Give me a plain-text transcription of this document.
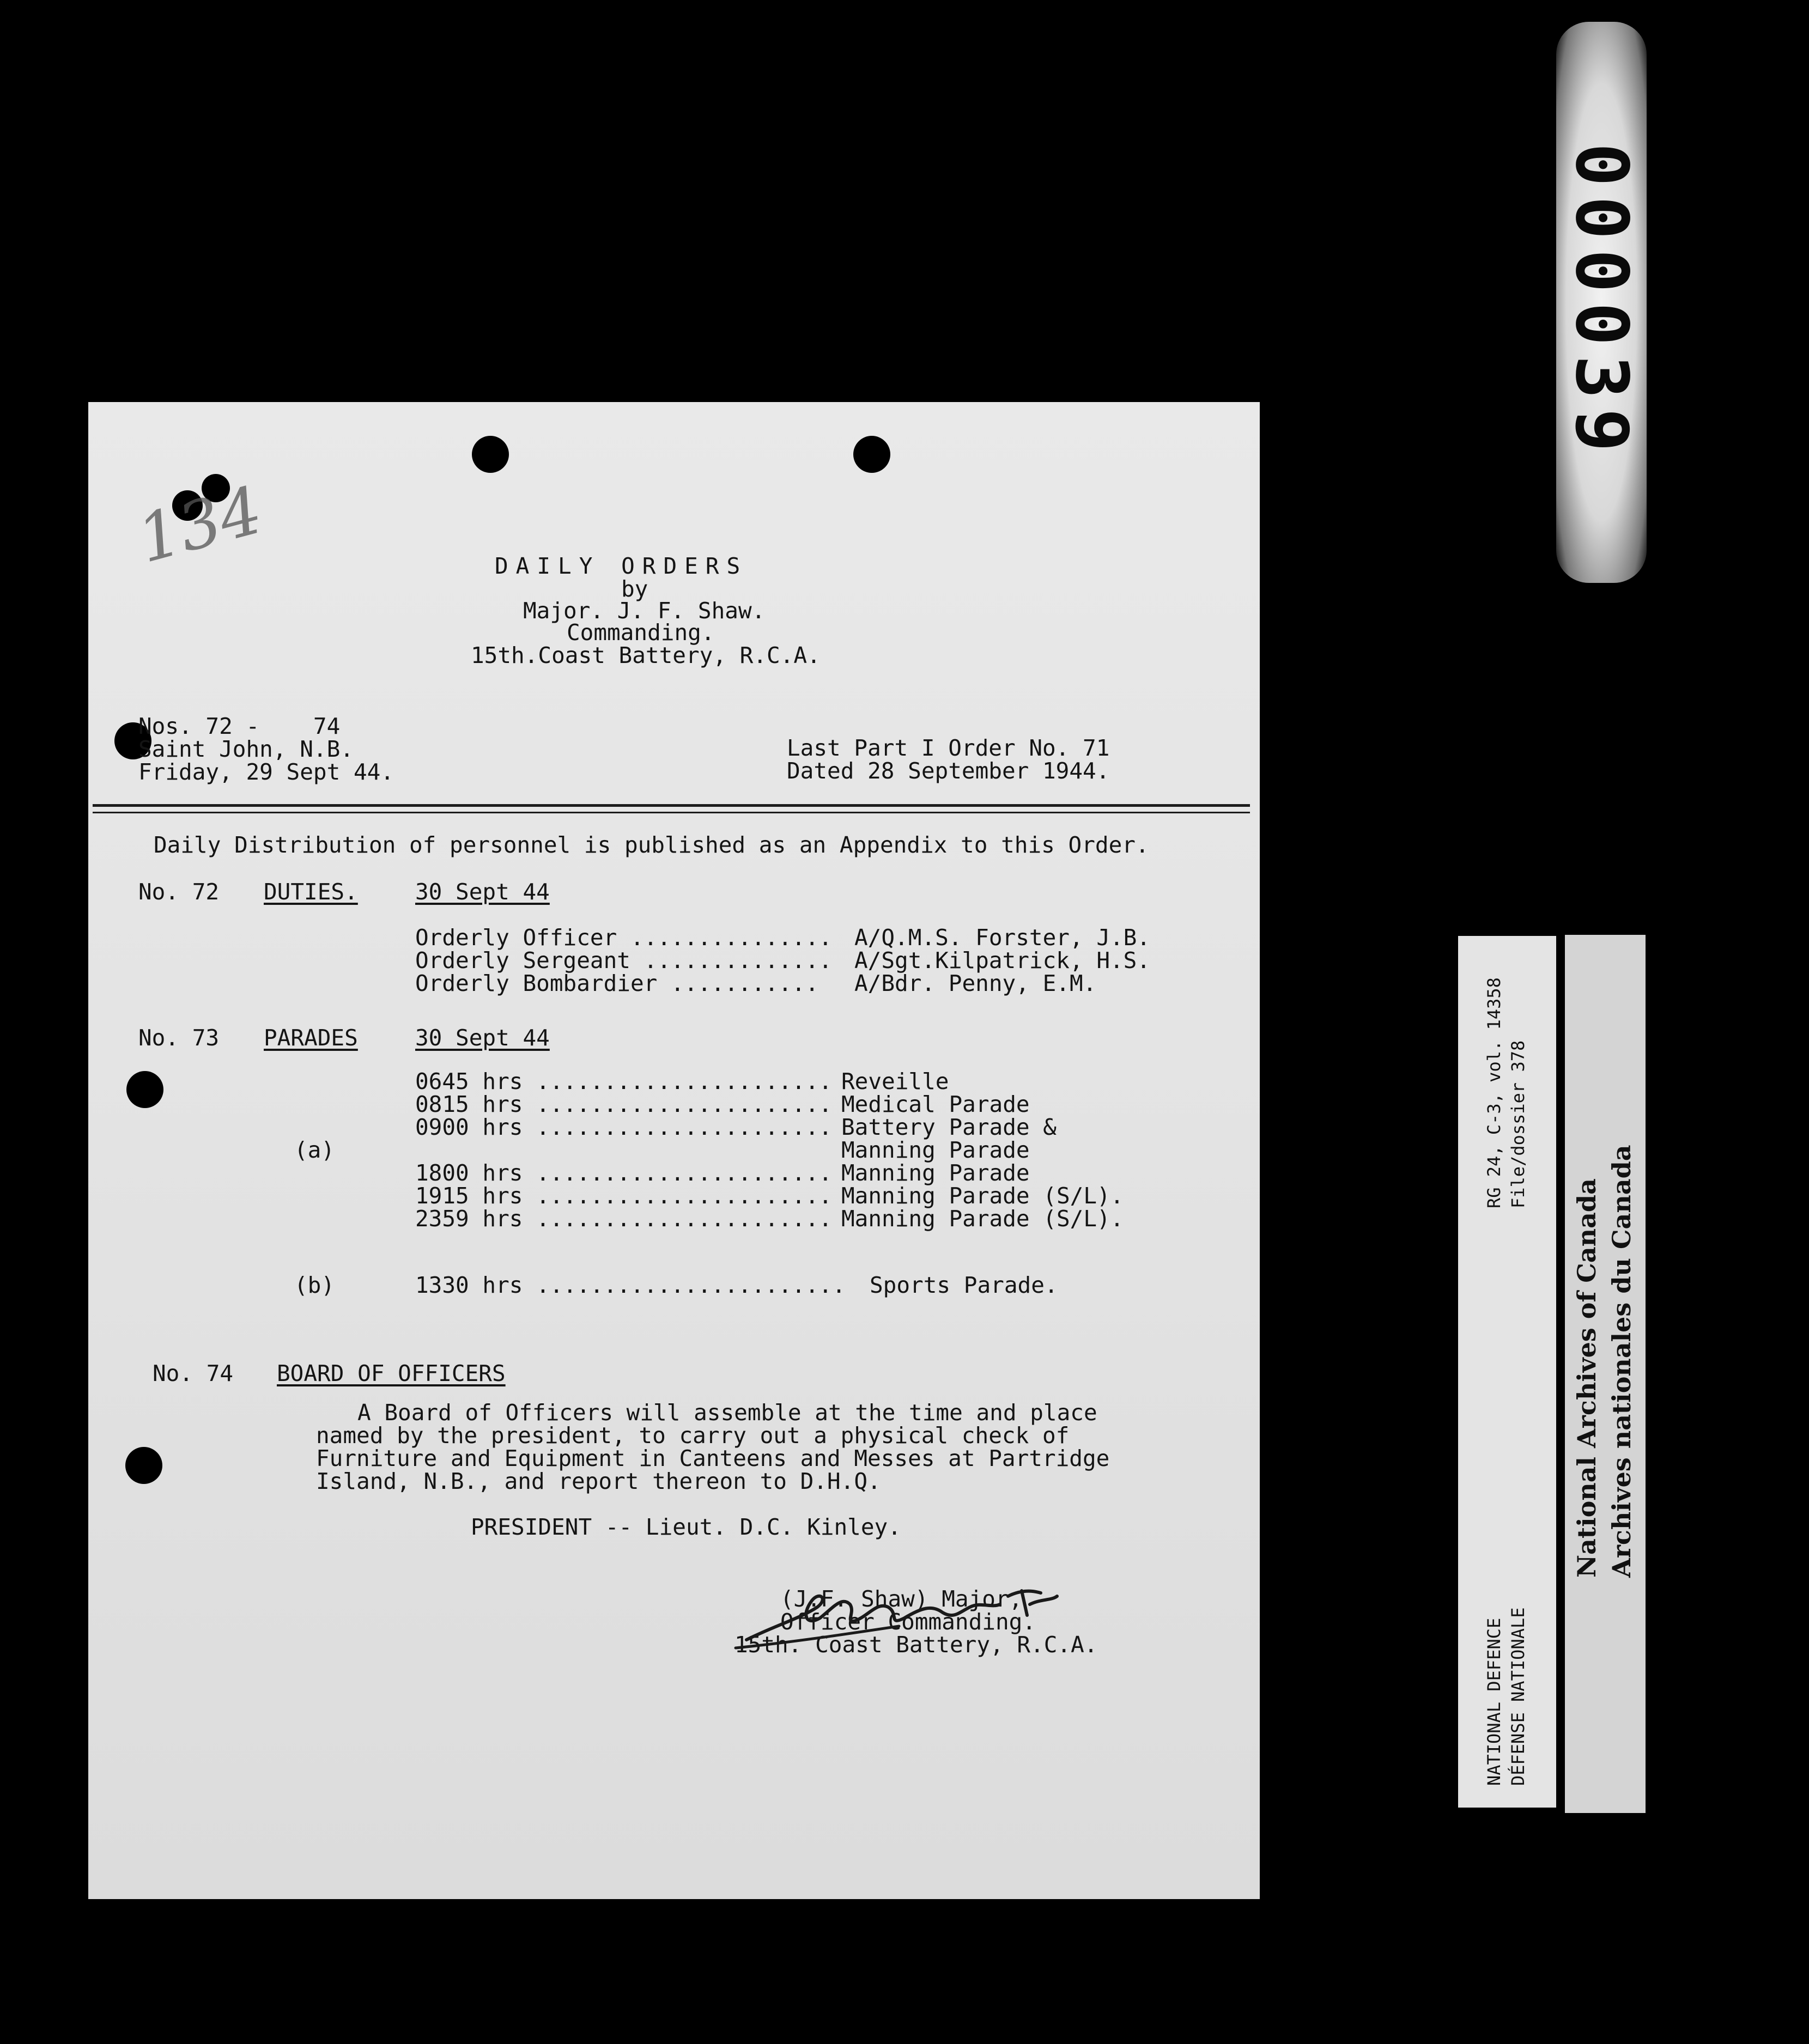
000039
RG 24, C-3, vol. 14358 File/dossier 378
NATIONAL DEFENCE DÉFENSE NATIONALE
National Archives of Canada Archives nationales du Canada
DAILY ORDERS
by
Major. J. F. Shaw.
Commanding.
15th.Coast Battery, R.C.A.
Nos. 72 -    74
Saint John, N.B.
Friday, 29 Sept 44.
Last Part I Order No. 71
Dated 28 September 1944.
Daily Distribution of personnel is published as an Appendix to this Order.
No. 72 DUTIES.	30 Sept 44
Orderly Officer ............... A/Q.M.S. Forster, J.B.
Orderly Sergeant .............. A/Sgt.Kilpatrick, H.S.
Orderly Bombardier ........... A/Bdr. Penny, E.M.
No. 73 PARADES	30 Sept 44
0645 hrs ...................... Reveille
0815 hrs ...................... Medical Parade
0900 hrs ...................... Battery Parade &
(a)	Manning Parade
1800 hrs ...................... Manning Parade
1915 hrs ...................... Manning Parade (S/L).
2359 hrs ...................... Manning Parade (S/L).
(b)	1330 hrs ....................... Sports Parade.
No. 74 BOARD OF OFFICERS
A Board of Officers will assemble at the time and place
named by the president, to carry out a physical check of
Furniture and Equipment in Canteens and Messes at Partridge
Island, N.B., and report thereon to D.H.Q.
PRESIDENT -- Lieut. D.C. Kinley.
(J.F. Shaw) Major,
Officer Commanding.
15th. Coast Battery, R.C.A.
134
